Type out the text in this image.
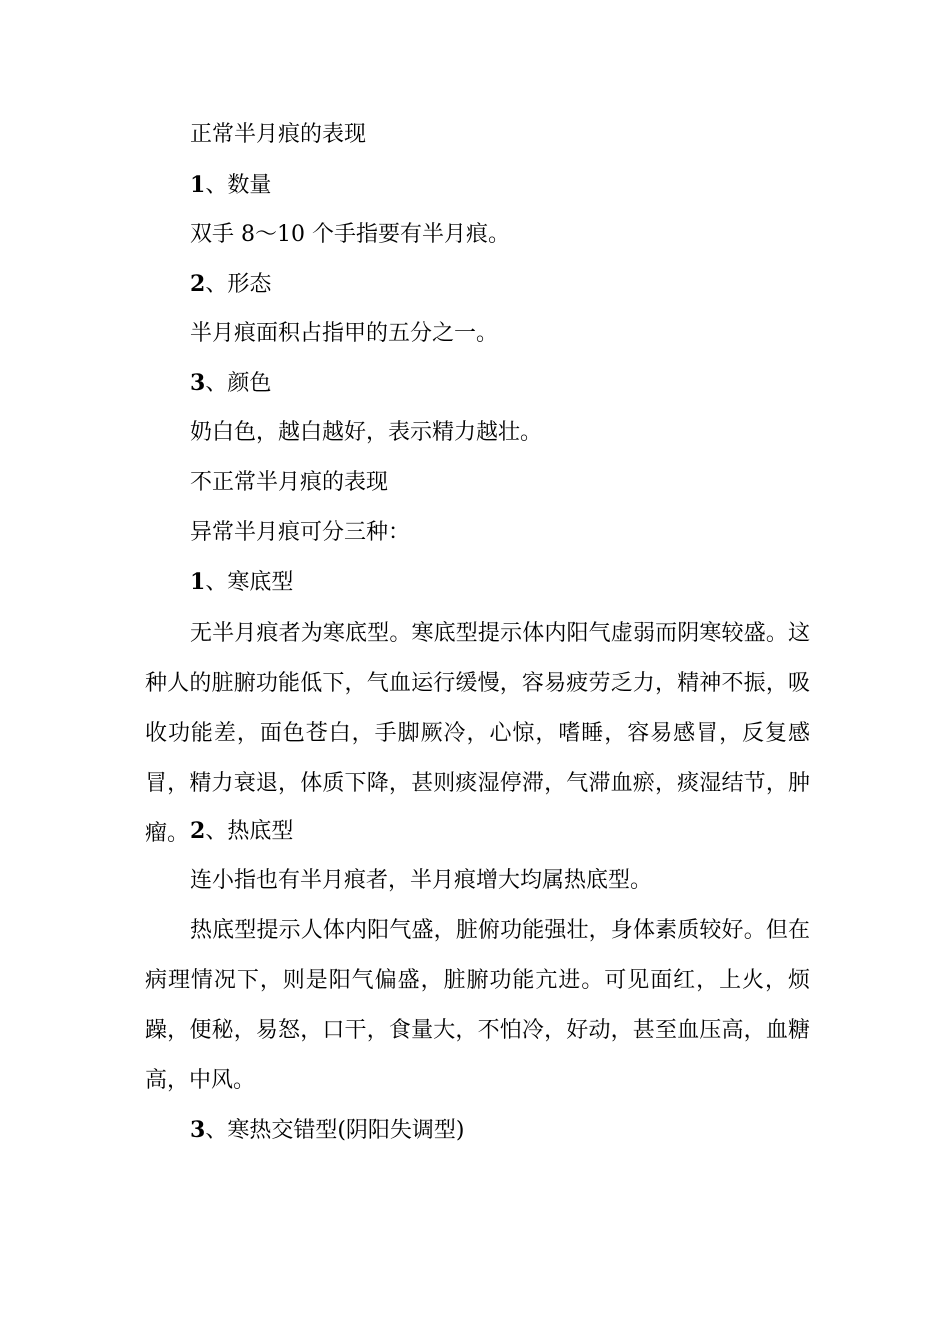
正常半月痕的表现

1、数量

双手 8～10 个手指要有半月痕。

2、形态

半月痕面积占指甲的五分之一。

3、颜色

奶白色，越白越好，表示精力越壮。

不正常半月痕的表现

异常半月痕可分三种：

1、寒底型

无半月痕者为寒底型。寒底型提示体内阳气虚弱而阴寒较盛。这种人的脏腑功能低下，气血运行缓慢，容易疲劳乏力，精神不振，吸收功能差，面色苍白，手脚厥冷，心惊，嗜睡，容易感冒，反复感冒，精力衰退，体质下降，甚则痰湿停滞，气滞血瘀，痰湿结节，肿瘤。 2、热底型

连小指也有半月痕者，半月痕增大均属热底型。

热底型提示人体内阳气盛，脏俯功能强壮，身体素质较好。但在病理情况下，则是阳气偏盛，脏腑功能亢进。可见面红，上火，烦躁，便秘，易怒，口干，食量大，不怕冷，好动，甚至血压高，血糖高，中风。

3、寒热交错型(阴阳失调型)
